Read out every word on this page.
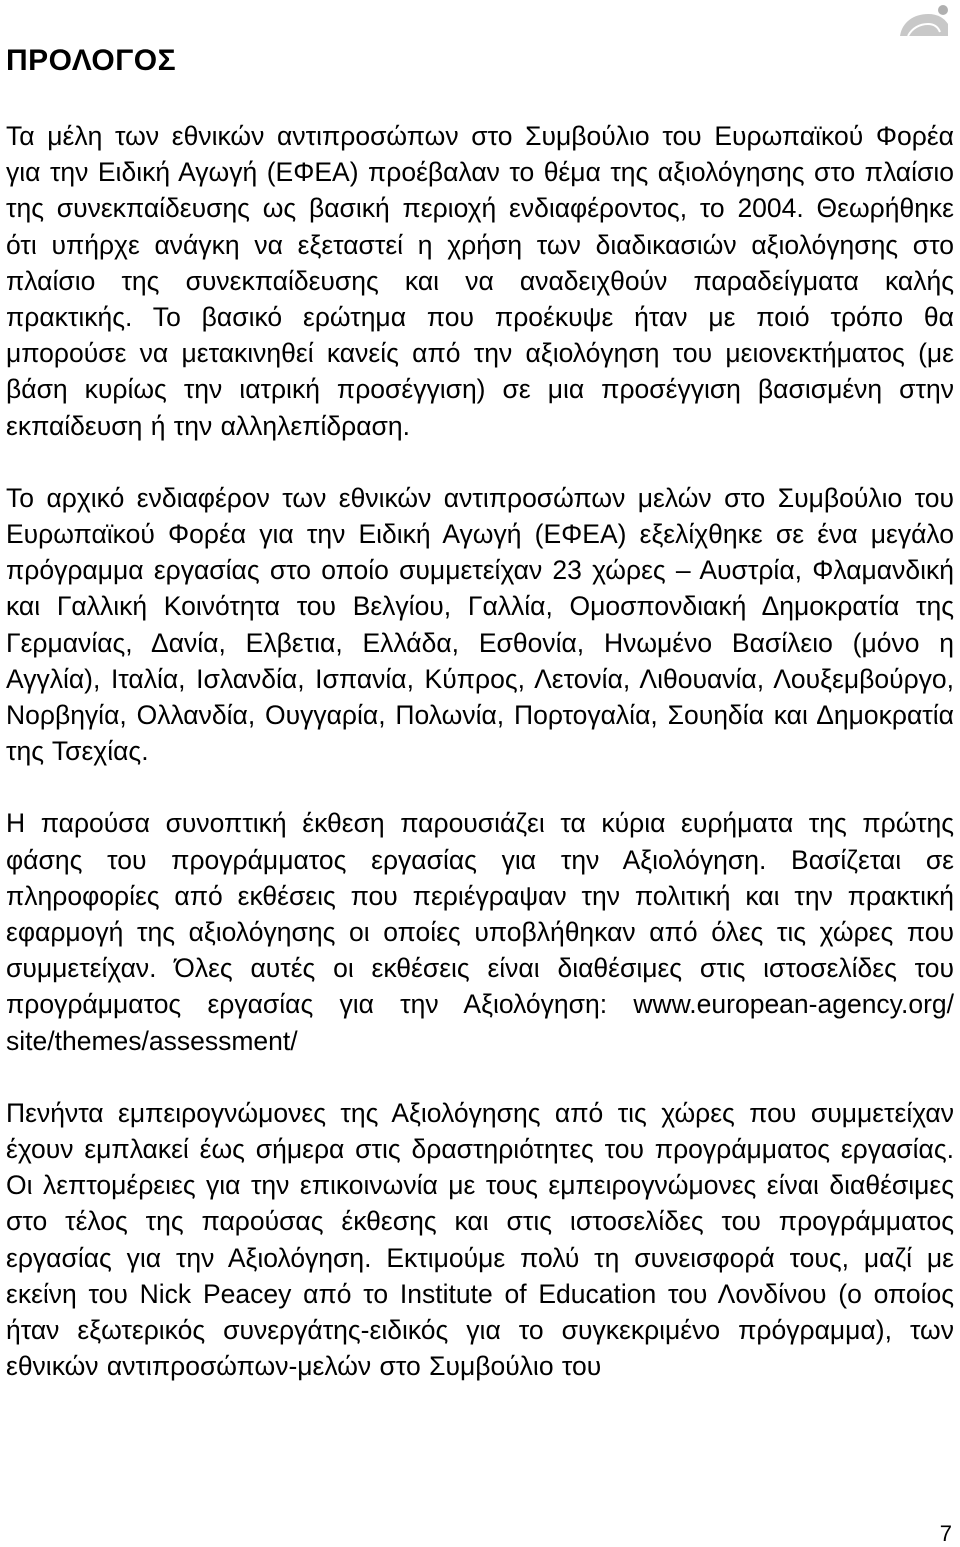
ΠΡΟΛΟΓΟΣ

Τα μέλη των εθνικών αντιπροσώπων στο Συμβούλιο του Ευρωπαϊκού Φορέα για την Ειδική Αγωγή (ΕΦΕΑ) προέβαλαν το θέμα της αξιολόγησης στο πλαίσιο της συνεκπαίδευσης ως βασική περιοχή ενδιαφέροντος, το 2004. Θεωρήθηκε ότι υπήρχε ανάγκη να εξεταστεί η χρήση των διαδικασιών αξιολόγησης στο πλαίσιο της συνεκπαίδευσης και να αναδειχθούν παραδείγματα καλής πρακτικής. Το βασικό ερώτημα που προέκυψε ήταν με ποιό τρόπο θα μπορούσε να μετακινηθεί κανείς από την αξιολόγηση του μειονεκτήματος (με βάση κυρίως την ιατρική προσέγγιση) σε μια προσέγγιση βασισμένη στην εκπαίδευση ή την αλληλεπίδραση.

Το αρχικό ενδιαφέρον των εθνικών αντιπροσώπων μελών στο Συμβούλιο του Ευρωπαϊκού Φορέα για την Ειδική Αγωγή (ΕΦΕΑ) εξελίχθηκε σε ένα μεγάλο πρόγραμμα εργασίας στο οποίο συμμετείχαν 23 χώρες – Αυστρία, Φλαμανδική και Γαλλική Κοινότητα του Βελγίου, Γαλλία, Ομοσπονδιακή Δημοκρατία της Γερμανίας, Δανία, Ελβετια, Ελλάδα, Εσθονία, Ηνωμένο Βασίλειο (μόνο η Αγγλία), Ιταλία, Ισλανδία, Ισπανία, Κύπρος, Λετονία, Λιθουανία, Λουξεμβούργο, Νορβηγία, Ολλανδία, Ουγγαρία, Πολωνία, Πορτογαλία, Σουηδία και Δημοκρατία της Τσεχίας.

Η παρούσα συνοπτική έκθεση παρουσιάζει τα κύρια ευρήματα της πρώτης φάσης του προγράμματος εργασίας για την Αξιολόγηση. Βασίζεται σε πληροφορίες από εκθέσεις που περιέγραψαν την πολιτική και την πρακτική εφαρμογή της αξιολόγησης οι οποίες υποβλήθηκαν από όλες τις χώρες που συμμετείχαν. Όλες αυτές οι εκθέσεις είναι διαθέσιμες στις ιστοσελίδες του προγράμματος εργασίας για την Αξιολόγηση: www.european-agency.org/ site/themes/assessment/

Πενήντα εμπειρογνώμονες της Αξιολόγησης από τις χώρες που συμμετείχαν έχουν εμπλακεί έως σήμερα στις δραστηριότητες του προγράμματος εργασίας. Οι λεπτομέρειες για την επικοινωνία με τους εμπειρογνώμονες είναι διαθέσιμες στο τέλος της παρούσας έκθεσης και στις ιστοσελίδες του προγράμματος εργασίας για την Αξιολόγηση. Εκτιμούμε πολύ τη συνεισφορά τους, μαζί με εκείνη του Nick Peacey από το Institute of Education του Λονδίνου (ο οποίος ήταν εξωτερικός συνεργάτης-ειδικός για το συγκεκριμένο πρόγραμμα), των εθνικών αντιπροσώπων-μελών στο Συμβούλιο του

7
